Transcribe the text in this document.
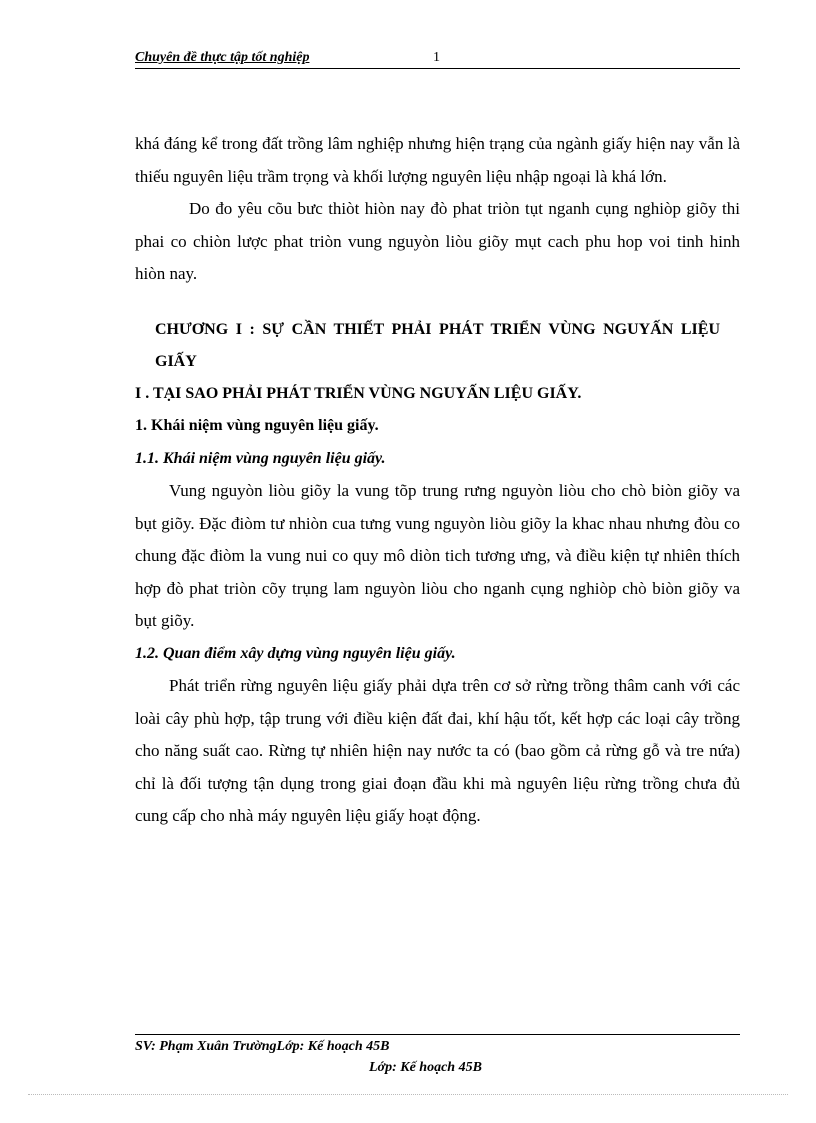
Chuyên đề thực tập tốt nghiệp	1

khá đáng kể trong đất trồng lâm nghiệp nhưng hiện trạng của ngành giấy hiện nay vẫn là thiếu nguyên liệu trầm trọng và khối lượng nguyên liệu nhập ngoại là khá lớn.

Do đo yêu cõu bưc thiòt hiòn nay đò phat triòn tụt nganh cụng nghiòp giõy thi phai co chiòn lược phat triòn vung nguyòn liòu giõy mụt cach phu hop voi tinh hinh hiòn nay.

CHƯƠNG I : SỰ CẦN THIẾT PHẢI PHÁT TRIỂN VÙNG NGUYẤN LIỆU GIẤY

I . TẠI SAO PHẢI PHÁT TRIỂN VÙNG NGUYẤN LIỆU GIẤY.

1. Khái niệm vùng nguyên liệu giấy.

1.1. Khái niệm vùng nguyên liệu giấy.

Vung nguyòn liòu giõy la vung tõp trung rưng nguyòn liòu cho chò biòn giõy va bụt giõy. Đặc điòm tư nhiòn cua tưng vung nguyòn liòu giõy la khac nhau nhưng đòu co chung đặc điòm la vung nui co quy mô diòn tich tương ưng, và điều kiện tự nhiên thích hợp đò phat triòn cõy trụng lam nguyòn liòu cho nganh cụng nghiòp chò biòn giõy va bụt giõy.

1.2. Quan điểm xây dựng vùng nguyên liệu giấy.

Phát triển rừng nguyên liệu giấy phải dựa trên cơ sở rừng trồng thâm canh với các loài cây phù hợp, tập trung với điều kiện đất đai, khí hậu tốt, kết hợp các loại cây trồng cho năng suất cao. Rừng tự nhiên hiện nay nước ta có (bao gồm cả rừng gỗ và tre nứa) chỉ là đối tượng tận dụng trong giai đoạn đầu khi mà nguyên liệu rừng trồng chưa đủ cung cấp cho nhà máy nguyên liệu giấy hoạt động.

SV: Phạm Xuân TrườngLớp: Kế hoạch 45B
Lớp: Kế hoạch 45B
